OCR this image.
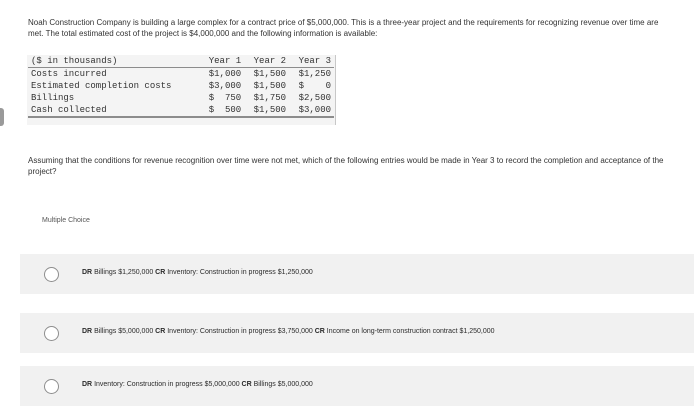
Noah Construction Company is building a large complex for a contract price of $5,000,000. This is a three-year project and the requirements for recognizing revenue over time are met. The total estimated cost of the project is $4,000,000 and the following information is available:
($ in thousands)	Year 1	Year 2	Year 3
Costs incurred	$1,000	$1,500	$1,250
Estimated completion costs	$3,000	$1,500	$    0
Billings	$  750	$1,750	$2,500
Cash collected	$  500	$1,500	$3,000
Assuming that the conditions for revenue recognition over time were not met, which of the following entries would be made in Year 3 to record the completion and acceptance of the project?
Multiple Choice
DR Billings $1,250,000 CR Inventory: Construction in progress $1,250,000
DR Billings $5,000,000 CR Inventory: Construction in progress $3,750,000 CR Income on long-term construction contract $1,250,000
DR Inventory: Construction in progress $5,000,000 CR Billings $5,000,000
